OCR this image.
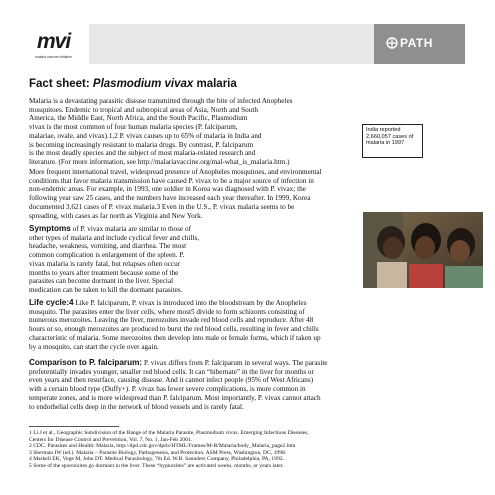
mvi
malaria vaccine initiative
PATH
Fact sheet: Plasmodium vivax malaria
Malaria is a devastating parasitic disease transmitted through the bite of infected Anopheles
mosquitoes. Endemic to tropical and subtropical areas of Asia, North and South
America, the Middle East, North Africa, and the South Pacific, Plasmodium
vivax is the most common of four human malaria species (P. falciparum,
malariae, ovale, and vivax).1,2 P. vivax causes up to 65% of malaria in India and
is becoming increasingly resistant to malaria drugs. By contrast, P. falciparum
is the most deadly species and the subject of most malaria-related research and
literature. (For more information, see http://malariavaccine.org/mal-what_is_malaria.htm.)
India reported 2,660,057 cases of malaria in 1997
More frequent international travel, widespread presence of Anopheles mosquitoes, and environmental
conditions that favor malaria transmission have caused P. vivax to be a major source of infection in
non-endemic areas. For example, in 1993, one soldier in Korea was diagnosed with P. vivax; the
following year saw 25 cases, and the numbers have increased each year thereafter. In 1999, Korea
documented 3,621 cases of P. vivax malaria.3 Even in the U.S., P. vivax malaria seems to be
spreading, with cases as far north as Virginia and New York.
Symptoms of P. vivax malaria are similar to those of
other types of malaria and include cyclical fever and chills,
headache, weakness, vomiting, and diarrhea. The most
common complication is enlargement of the spleen. P.
vivax malaria is rarely fatal, but relapses often occur
months to years after treatment because some of the
parasites can become dormant in the liver. Special
medication can be taken to kill the dormant parasites.
Life cycle:4 Like P. falciparum, P. vivax is introduced into the bloodstream by the Anopheles
mosquito. The parasites enter the liver cells, where most5 divide to form schizonts consisting of
numerous merozoites. Leaving the liver, merozoites invade red blood cells and reproduce. After 48
hours or so, enough merozoites are produced to burst the red blood cells, resulting in fever and chills
characteristic of malaria. Some merozoites then develop into male or female forms, which if taken up
by a mosquito, can start the cycle over again.
Comparison to P. falciparum: P. vivax differs from P. falciparum in several ways. The parasite
preferentially invades younger, smaller red blood cells. It can “hibernate” in the liver for months or
even years and then resurface, causing disease. And it cannot infect people (95% of West Africans)
with a certain blood type (Duffy+). P. vivax has fewer severe complications, is more common in
temperate zones, and is more widespread than P. falciparum. Most importantly, P. vivax cannot attach
to endothelial cells deep in the network of blood vessels and is rarely fatal.
1 Li J et al., Geographic Subdivision of the Range of the Malaria Parasite, Plasmodium vivax. Emerging Infectious Diseases,
Centers for Disease Control and Prevention, Vol. 7, No. 1, Jan-Feb 2001.
2 CDC. Parasites and Health: Malaria, http://dpd.cdc.gov/dpdx/HTML/Frames/M-R/Malaria/body_Malaria_page2.htm
3 Sherman IW (ed.). Malaria – Parasite Biology, Pathogenesis, and Protection. ASM Press, Washington, DC, 1998.
4 Markell EK, Voge M, John DT. Medical Parasitology, 7th Ed. W.B. Saunders Company, Philadelphia, PA, 1992.
5 Some of the sporozoites go dormant in the liver. These “hypnozites” are activated weeks, months, or years later.
